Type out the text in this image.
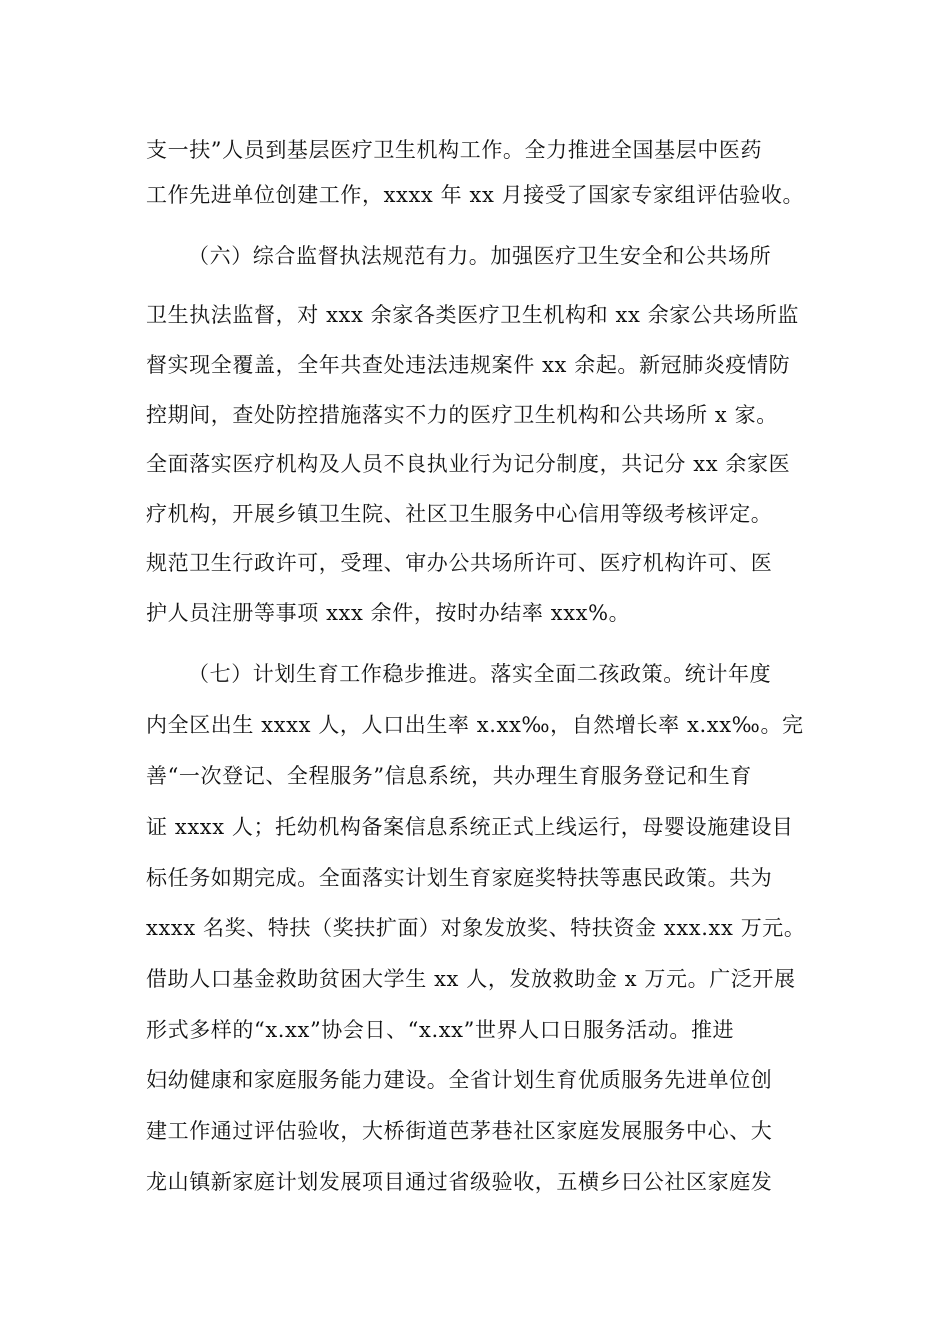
支一扶”人员到基层医疗卫生机构工作。全力推进全国基层中医药
工作先进单位创建工作，xxxx 年 xx 月接受了国家专家组评估验收。
（六）综合监督执法规范有力。加强医疗卫生安全和公共场所
卫生执法监督，对 xxx 余家各类医疗卫生机构和 xx 余家公共场所监
督实现全覆盖，全年共查处违法违规案件 xx 余起。新冠肺炎疫情防
控期间，查处防控措施落实不力的医疗卫生机构和公共场所 x 家。
全面落实医疗机构及人员不良执业行为记分制度，共记分 xx 余家医
疗机构，开展乡镇卫生院、社区卫生服务中心信用等级考核评定。
规范卫生行政许可，受理、审办公共场所许可、医疗机构许可、医
护人员注册等事项 xxx 余件，按时办结率 xxx%。
（七）计划生育工作稳步推进。落实全面二孩政策。统计年度
内全区出生 xxxx 人，人口出生率 x.xx‰，自然增长率 x.xx‰。完
善“一次登记、全程服务”信息系统，共办理生育服务登记和生育
证 xxxx 人；托幼机构备案信息系统正式上线运行，母婴设施建设目
标任务如期完成。全面落实计划生育家庭奖特扶等惠民政策。共为
xxxx 名奖、特扶（奖扶扩面）对象发放奖、特扶资金 xxx.xx 万元。
借助人口基金救助贫困大学生 xx 人，发放救助金 x 万元。广泛开展
形式多样的“x.xx”协会日、“x.xx”世界人口日服务活动。推进
妇幼健康和家庭服务能力建设。全省计划生育优质服务先进单位创
建工作通过评估验收，大桥街道芭茅巷社区家庭发展服务中心、大
龙山镇新家庭计划发展项目通过省级验收，五横乡曰公社区家庭发
